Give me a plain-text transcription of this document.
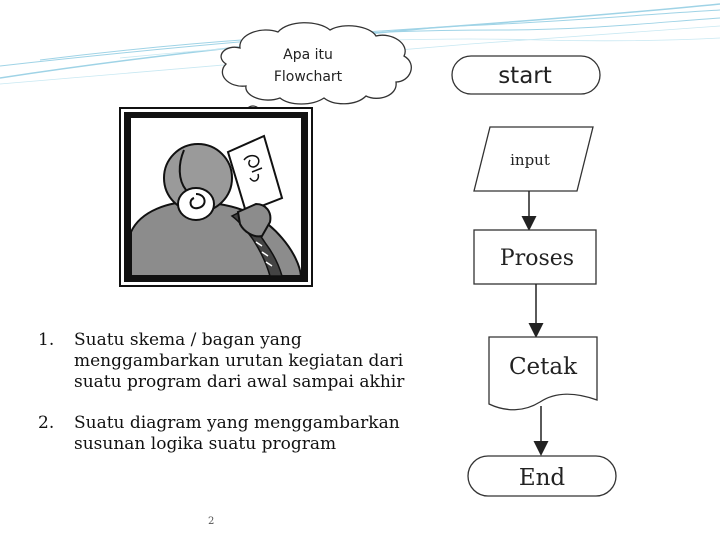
Apa itu
Flowchart	start
input
Proses
Cetak
End
1. Suatu skema / bagan yang
menggambarkan urutan kegiatan dari
suatu program dari awal sampai akhir
2. Suatu diagram yang menggambarkan
susunan logika suatu program
2
